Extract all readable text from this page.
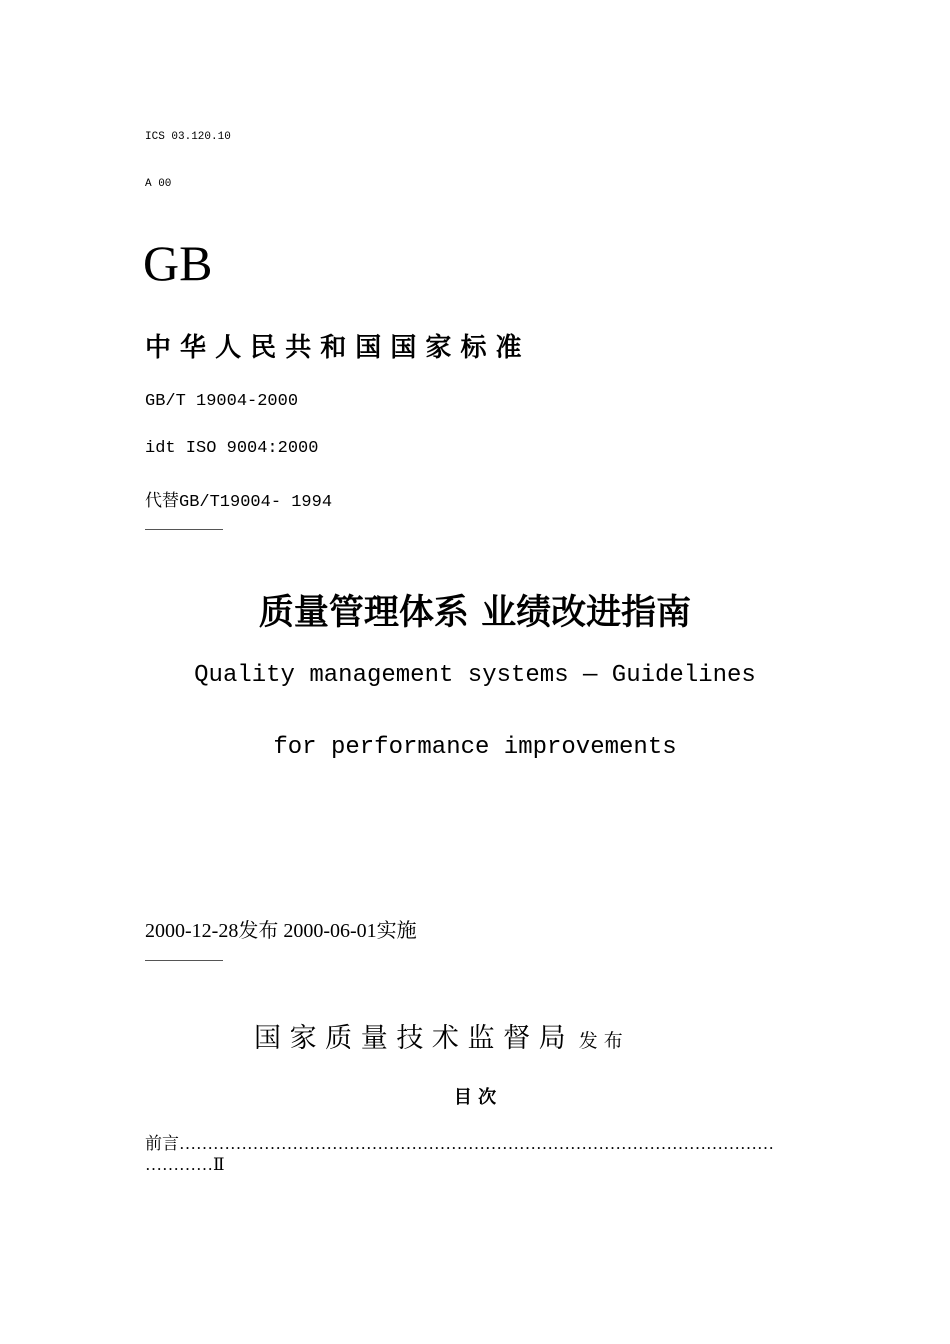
ICS 03.120.10
A 00
GB
中 华 人 民 共 和 国 国 家 标 准
GB/T 19004-2000
idt ISO 9004:2000
代替GB/T19004- 1994
质量管理体系 业绩改进指南
Quality management systems — Guidelines
for performance improvements
2000-12-28发布 2000-06-01实施
国 家 质 量 技 术 监 督 局 发 布
目 次
前言……………………………………………………………………………………………
…………Ⅱ
